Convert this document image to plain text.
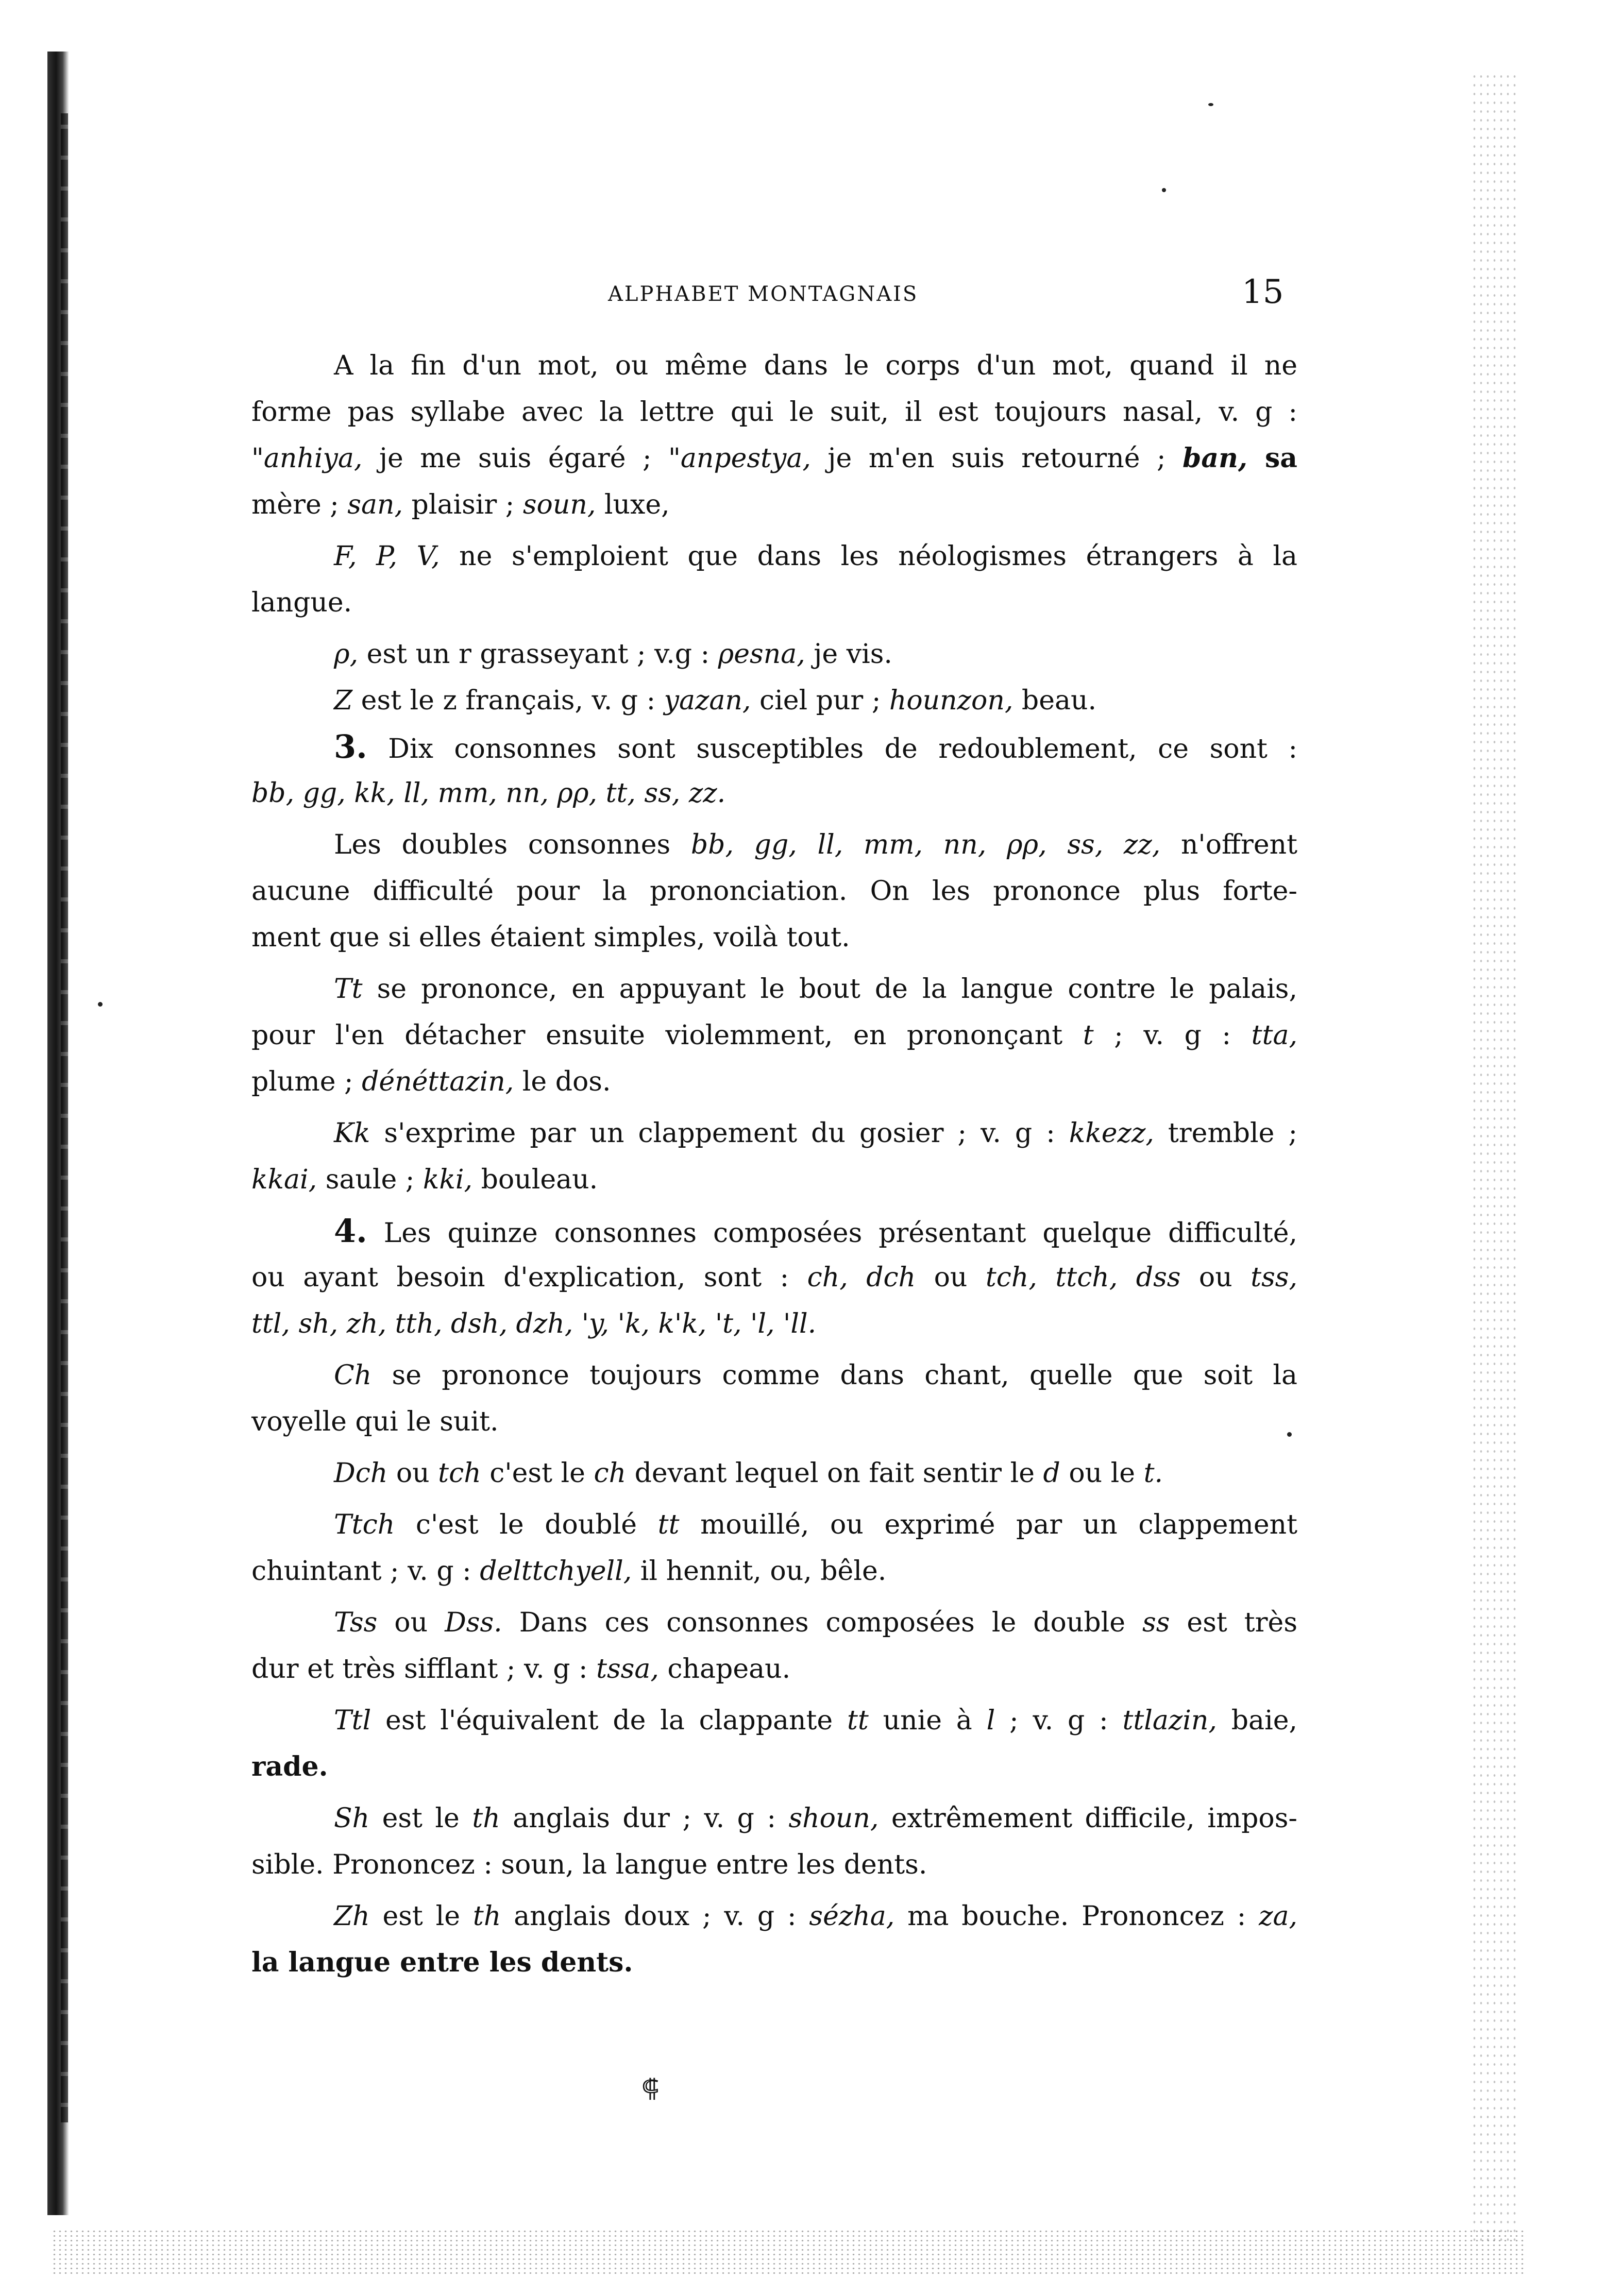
ALPHABET MONTAGNAIS	15
A la fin d'un mot, ou même dans le corps d'un mot, quand il ne
forme pas syllabe avec la lettre qui le suit, il est toujours nasal, v. g :
"anhiya, je me suis égaré ; "anpestya, je m'en suis retourné ; ban, sa
mère ; san, plaisir ; soun, luxe,
F, P, V, ne s'emploient que dans les néologismes étrangers à la
langue.
ρ, est un r grasseyant ; v.g : ρesna, je vis.
Z est le z français, v. g : yazan, ciel pur ; hounzon, beau.
3. Dix consonnes sont susceptibles de redoublement, ce sont :
bb, gg, kk, ll, mm, nn, ρρ, tt, ss, zz.
Les doubles consonnes bb, gg, ll, mm, nn, ρρ, ss, zz, n'offrent
aucune difficulté pour la prononciation. On les prononce plus forte-
ment que si elles étaient simples, voilà tout.
Tt se prononce, en appuyant le bout de la langue contre le palais,
pour l'en détacher ensuite violemment, en prononçant t ; v. g : tta,
plume ; dénéttazin, le dos.
Kk s'exprime par un clappement du gosier ; v. g : kkezz, tremble ;
kkai, saule ; kki, bouleau.
4. Les quinze consonnes composées présentant quelque difficulté,
ou ayant besoin d'explication, sont : ch, dch ou tch, ttch, dss ou tss,
ttl, sh, zh, tth, dsh, dzh, 'y, 'k, k'k, 't, 'l, 'll.
Ch se prononce toujours comme dans chant, quelle que soit la
voyelle qui le suit.
Dch ou tch c'est le ch devant lequel on fait sentir le d ou le t.
Ttch c'est le doublé tt mouillé, ou exprimé par un clappement
chuintant ; v. g : delttchyell, il hennit, ou, bêle.
Tss ou Dss. Dans ces consonnes composées le double ss est très
dur et très sifflant ; v. g : tssa, chapeau.
Ttl est l'équivalent de la clappante tt unie à l ; v. g : ttlazin, baie,
rade.
Sh est le th anglais dur ; v. g : shoun, extrêmement difficile, impos-
sible. Prononcez : soun, la langue entre les dents.
Zh est le th anglais doux ; v. g : sézha, ma bouche. Prononcez : za,
la langue entre les dents.
⸿
